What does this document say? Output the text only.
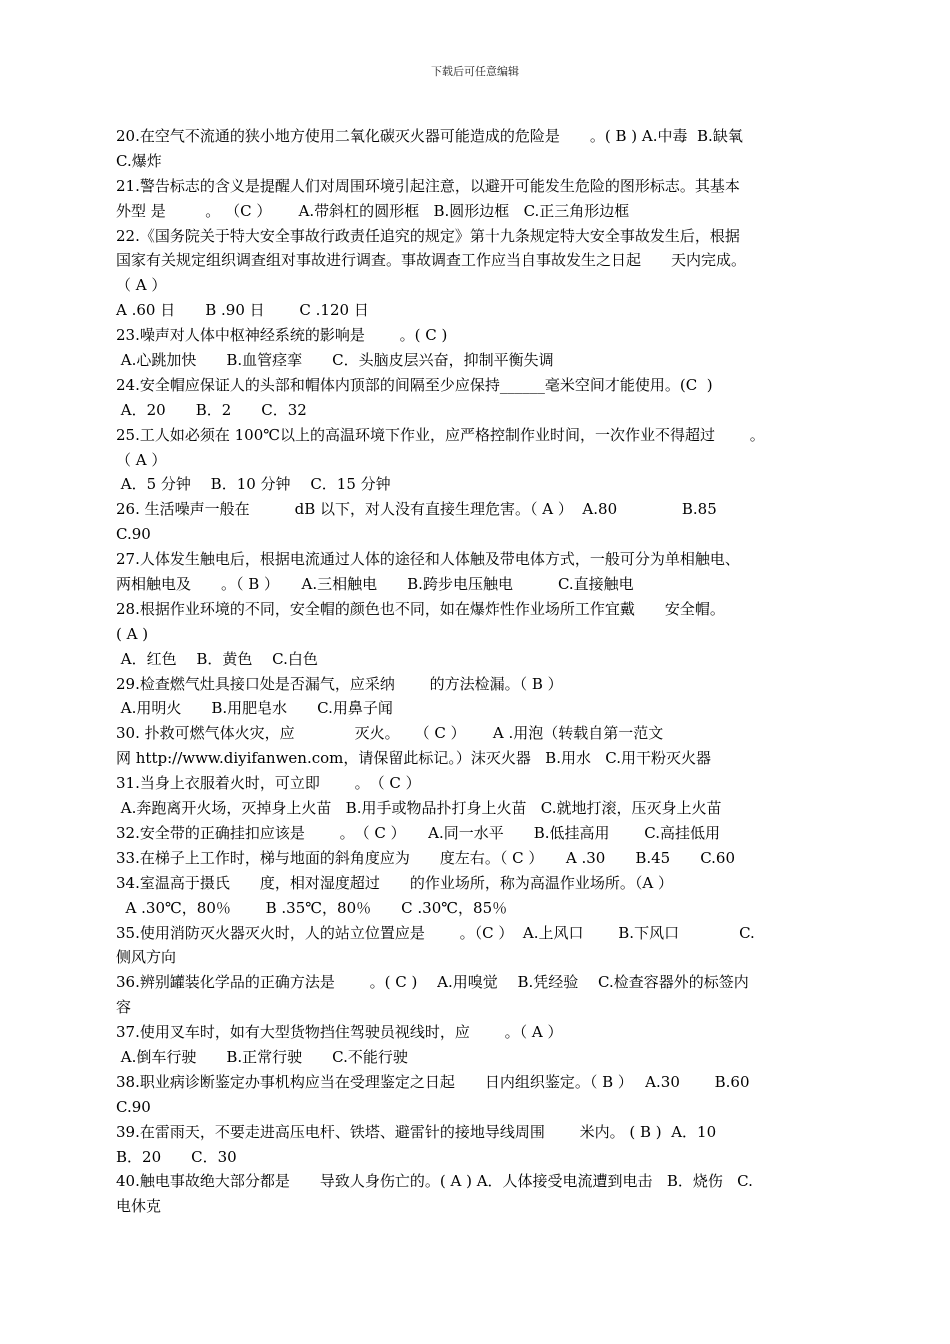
下载后可任意编辑
20.在空气不流通的狭小地方使用二氧化碳灭火器可能造成的危险是　　。( B ) A.中毒  B.缺氧
C.爆炸
21.警告标志的含义是提醒人们对周围环境引起注意，以避开可能发生危险的图形标志。其基本
外型 是 　　 。 （C ）　　 A.带斜杠的圆形框   B.圆形边框   C.正三角形边框
22.《国务院关于特大安全事故行政责任追究的规定》第十九条规定特大安全事故发生后，根据
国家有关规定组织调查组对事故进行调查。事故调查工作应当自事故发生之日起　　天内完成。
（ A ）
A .60 日　　B .90 日　　 C .120 日
23.噪声对人体中枢神经系统的影响是　　 。( C )
A.心跳加快　　B.血管痉挛　　C．头脑皮层兴奋，抑制平衡失调
24.安全帽应保证人的头部和帽体内顶部的间隔至少应保持______毫米空间才能使用。(C  )
A．20　　B．2　　C．32
25.工人如必须在 100℃以上的高温环境下作业，应严格控制作业时间，一次作业不得超过　　 。
（ A ）
A．5 分钟　 B．10 分钟　 C．15 分钟
26. 生活噪声一般在　　　dB 以下，对人没有直接生理危害。（ A ）  A.80　　　　 B.85
C.90
27.人体发生触电后，根据电流通过人体的途径和人体触及带电体方式，一般可分为单相触电、
两相触电及　　。（ B ）　　A.三相触电　　B.跨步电压触电　　　C.直接触电
28.根据作业环境的不同，安全帽的颜色也不同，如在爆炸性作业场所工作宜戴　　安全帽。
( A )
A．红色　 B．黄色　 C.白色
29.检查燃气灶具接口处是否漏气，应采纳　　 的方法检漏。（ B ）
A.用明火　　B.用肥皂水　　C.用鼻子闻
30. 扑救可燃气体火灾，应　　　　灭火。　　（ C ）　　 A .用泡（转载自第一范文
网 http://www.diyifanwen.com，请保留此标记。）沫灭火器   B.用水   C.用干粉灭火器
31.当身上衣服着火时，可立即　　 。　（ C ）
A.奔跑离开火场，灭掉身上火苗   B.用手或物品扑打身上火苗   C.就地打滚，压灭身上火苗
32.安全带的正确挂扣应该是　　 。　（ C ）　　A.同一水平　　B.低挂高用　　 C.高挂低用
33.在梯子上工作时，梯与地面的斜角度应为　　度左右。（ C ）　　A .30　　B.45　　C.60
34.室温高于摄氏　　度，相对湿度超过　　的作业场所，称为高温作业场所。（A ）
A .30℃，80％　　 B .35℃，80％　　C .30℃，85％
35.使用消防灭火器灭火时，人的站立位置应是　　 。（C ）  A.上风口　　 B.下风口　　　　C.
侧风方向
36.辨别罐装化学品的正确方法是　　 。( C )　 A.用嗅觉　 B.凭经验　 C.检查容器外的标签内
容
37.使用叉车时，如有大型货物挡住驾驶员视线时，应　　 。（ A ）
A.倒车行驶　　B.正常行驶　　C.不能行驶
38.职业病诊断鉴定办事机构应当在受理鉴定之日起　　日内组织鉴定。（ B ）　 A.30　　 B.60
C.90
39.在雷雨天，不要走进高压电杆、铁塔、避雷针的接地导线周围　　 米内。 ( B )  A．10
B．20　　C．30
40.触电事故绝大部分都是　　导致人身伤亡的。( A ) A．人体接受电流遭到电击   B．烧伤   C.
电休克
